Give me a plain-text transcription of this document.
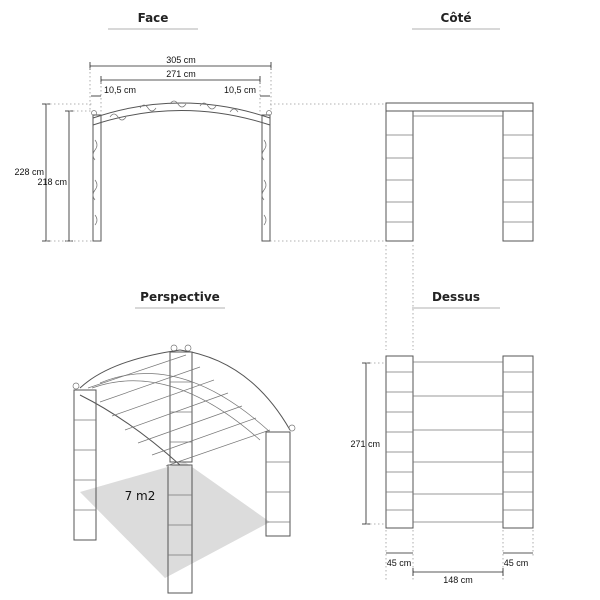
Face	Côté
Perspective	Dessus
305 cm
271 cm
10,5 cm	10,5 cm
228 cm
218 cm
7 m2
271 cm
45 cm	45 cm
148 cm
